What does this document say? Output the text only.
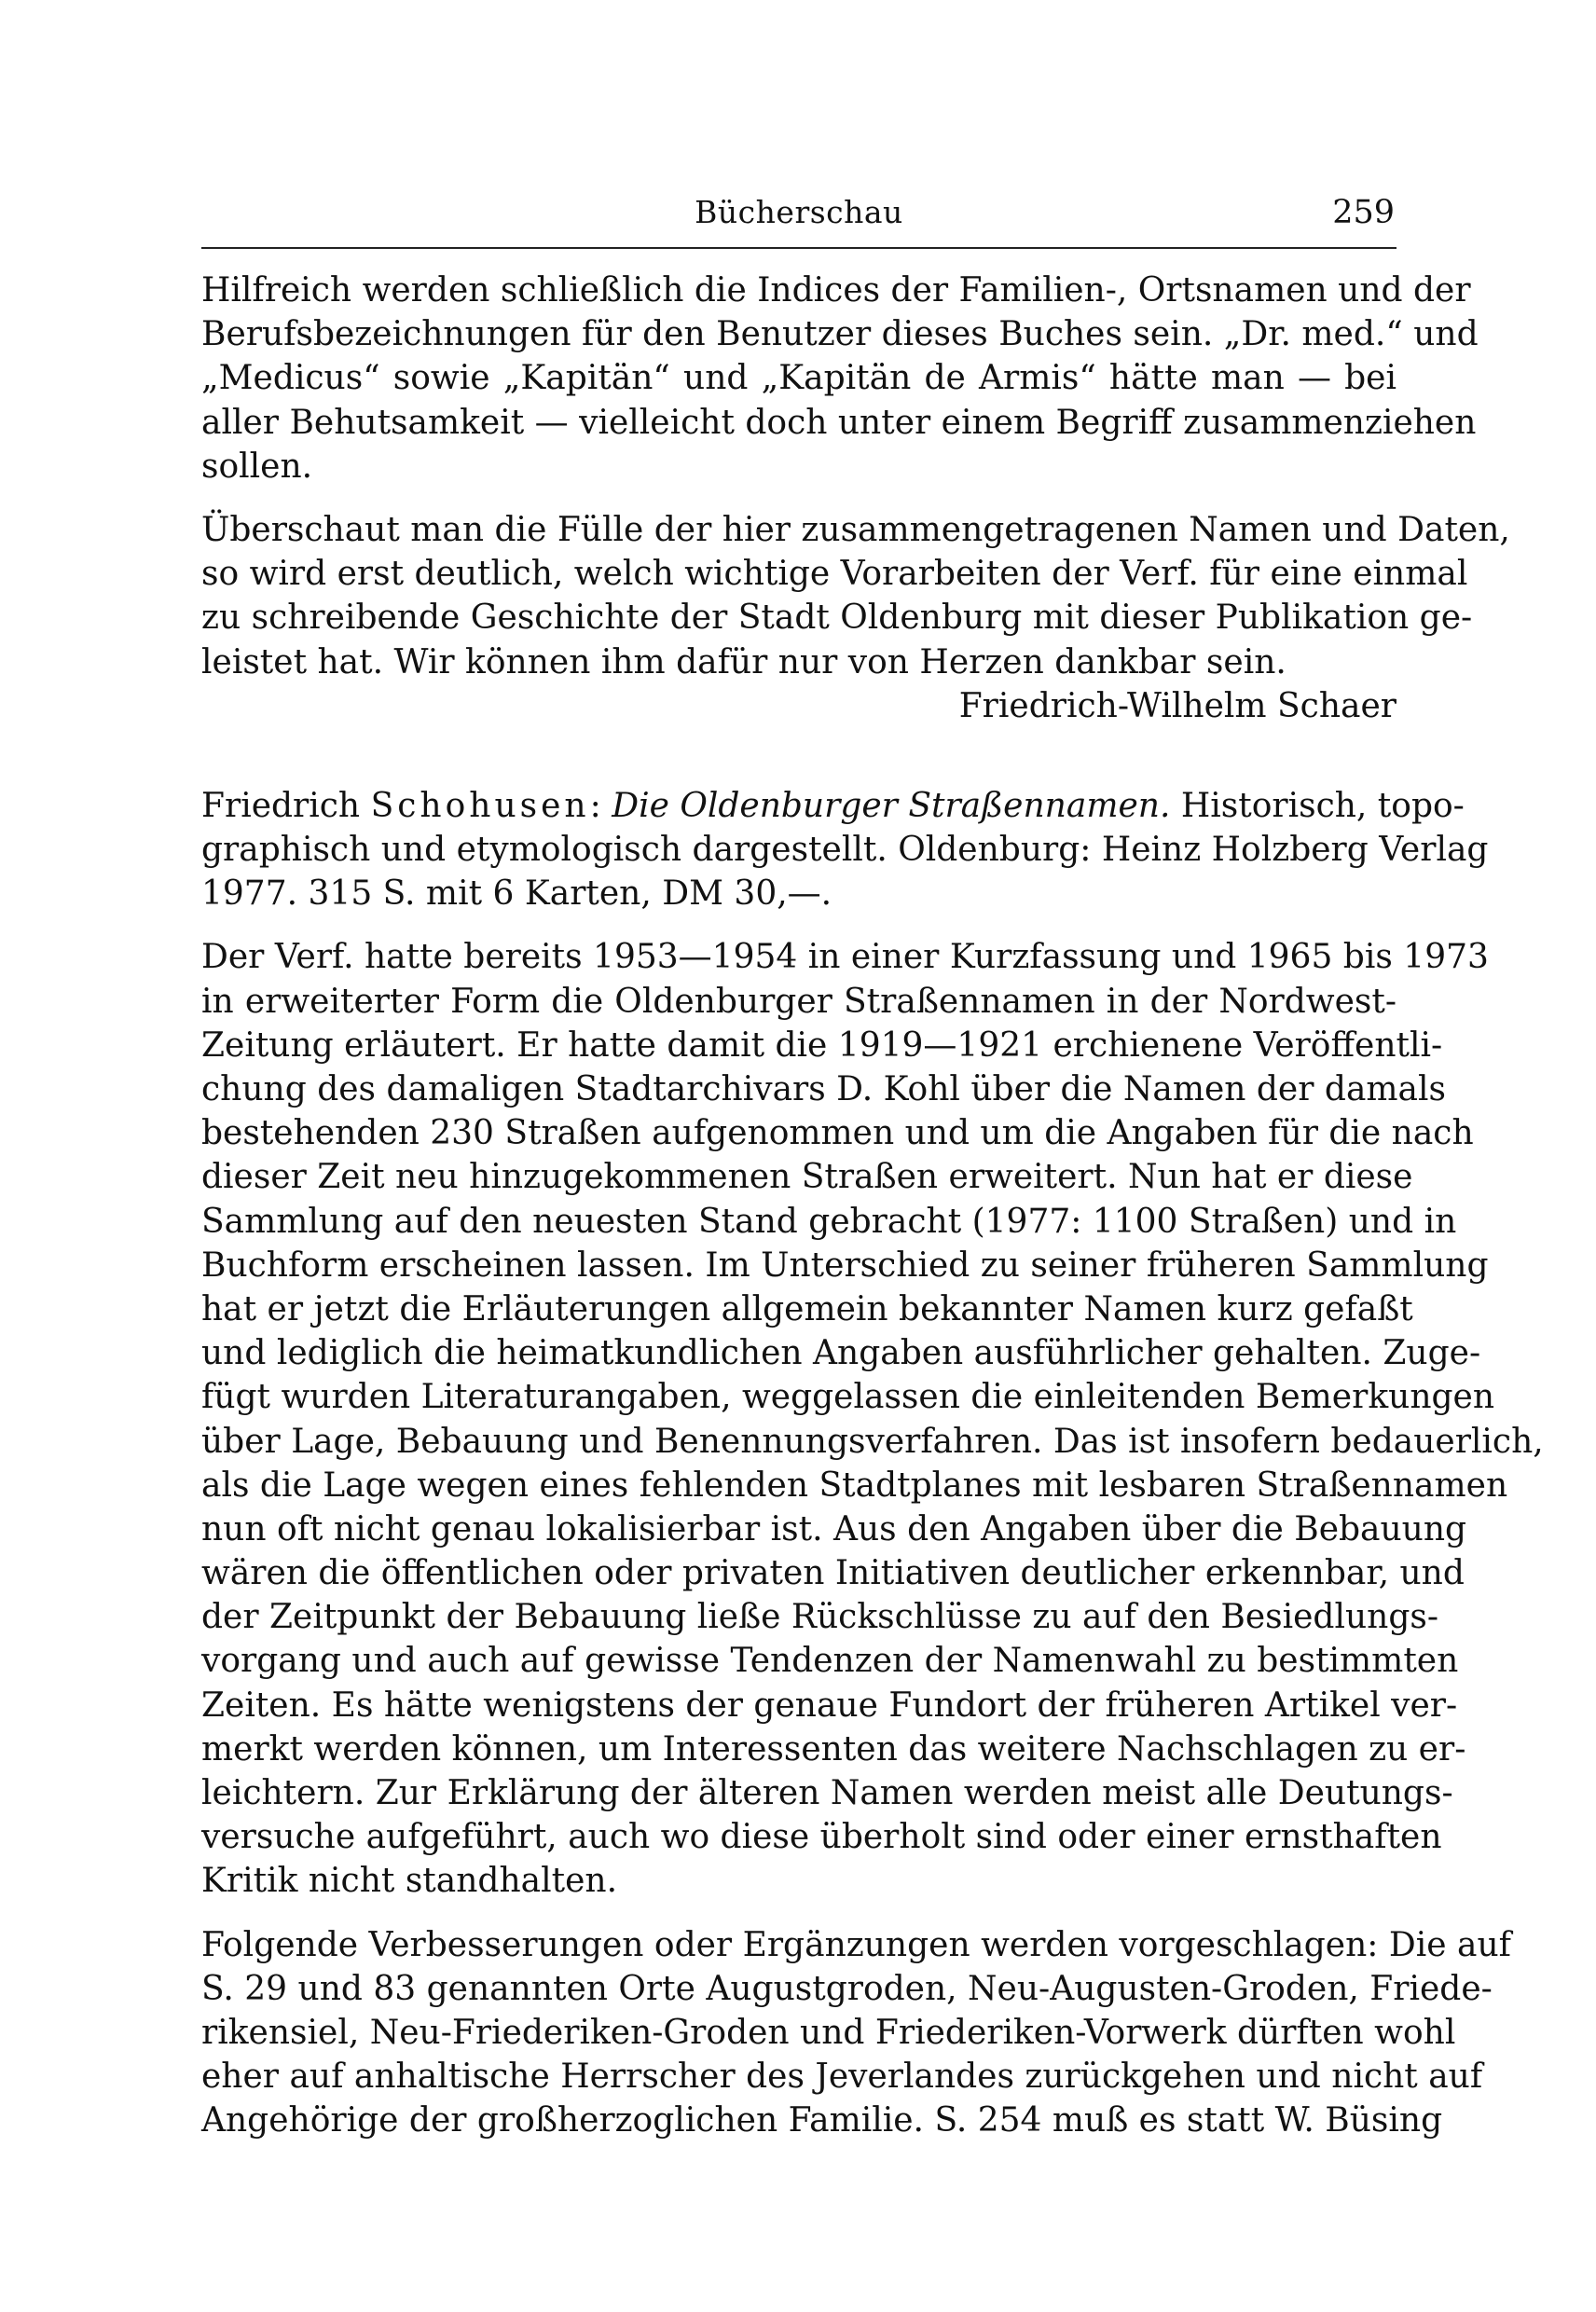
Bücherschau	259
Hilfreich werden schließlich die Indices der Familien-, Ortsnamen und der
Berufsbezeichnungen für den Benutzer dieses Buches sein. „Dr. med.“ und
„Medicus“ sowie „Kapitän“ und „Kapitän de Armis“ hätte man — bei
aller Behutsamkeit — vielleicht doch unter einem Begriff zusammenziehen
sollen.
Überschaut man die Fülle der hier zusammengetragenen Namen und Daten,
so wird erst deutlich, welch wichtige Vorarbeiten der Verf. für eine einmal
zu schreibende Geschichte der Stadt Oldenburg mit dieser Publikation ge-
leistet hat. Wir können ihm dafür nur von Herzen dankbar sein.
Friedrich-Wilhelm Schaer
Friedrich Schohusen: Die Oldenburger Straßennamen. Historisch, topo-
graphisch und etymologisch dargestellt. Oldenburg: Heinz Holzberg Verlag
1977. 315 S. mit 6 Karten, DM 30,—.
Der Verf. hatte bereits 1953—1954 in einer Kurzfassung und 1965 bis 1973
in erweiterter Form die Oldenburger Straßennamen in der Nordwest-
Zeitung erläutert. Er hatte damit die 1919—1921 erchienene Veröffentli-
chung des damaligen Stadtarchivars D. Kohl über die Namen der damals
bestehenden 230 Straßen aufgenommen und um die Angaben für die nach
dieser Zeit neu hinzugekommenen Straßen erweitert. Nun hat er diese
Sammlung auf den neuesten Stand gebracht (1977: 1100 Straßen) und in
Buchform erscheinen lassen. Im Unterschied zu seiner früheren Sammlung
hat er jetzt die Erläuterungen allgemein bekannter Namen kurz gefaßt
und lediglich die heimatkundlichen Angaben ausführlicher gehalten. Zuge-
fügt wurden Literaturangaben, weggelassen die einleitenden Bemerkungen
über Lage, Bebauung und Benennungsverfahren. Das ist insofern bedauerlich,
als die Lage wegen eines fehlenden Stadtplanes mit lesbaren Straßennamen
nun oft nicht genau lokalisierbar ist. Aus den Angaben über die Bebauung
wären die öffentlichen oder privaten Initiativen deutlicher erkennbar, und
der Zeitpunkt der Bebauung ließe Rückschlüsse zu auf den Besiedlungs-
vorgang und auch auf gewisse Tendenzen der Namenwahl zu bestimmten
Zeiten. Es hätte wenigstens der genaue Fundort der früheren Artikel ver-
merkt werden können, um Interessenten das weitere Nachschlagen zu er-
leichtern. Zur Erklärung der älteren Namen werden meist alle Deutungs-
versuche aufgeführt, auch wo diese überholt sind oder einer ernsthaften
Kritik nicht standhalten.
Folgende Verbesserungen oder Ergänzungen werden vorgeschlagen: Die auf
S. 29 und 83 genannten Orte Augustgroden, Neu-Augusten-Groden, Friede-
rikensiel, Neu-Friederiken-Groden und Friederiken-Vorwerk dürften wohl
eher auf anhaltische Herrscher des Jeverlandes zurückgehen und nicht auf
Angehörige der großherzoglichen Familie. S. 254 muß es statt W. Büsing
